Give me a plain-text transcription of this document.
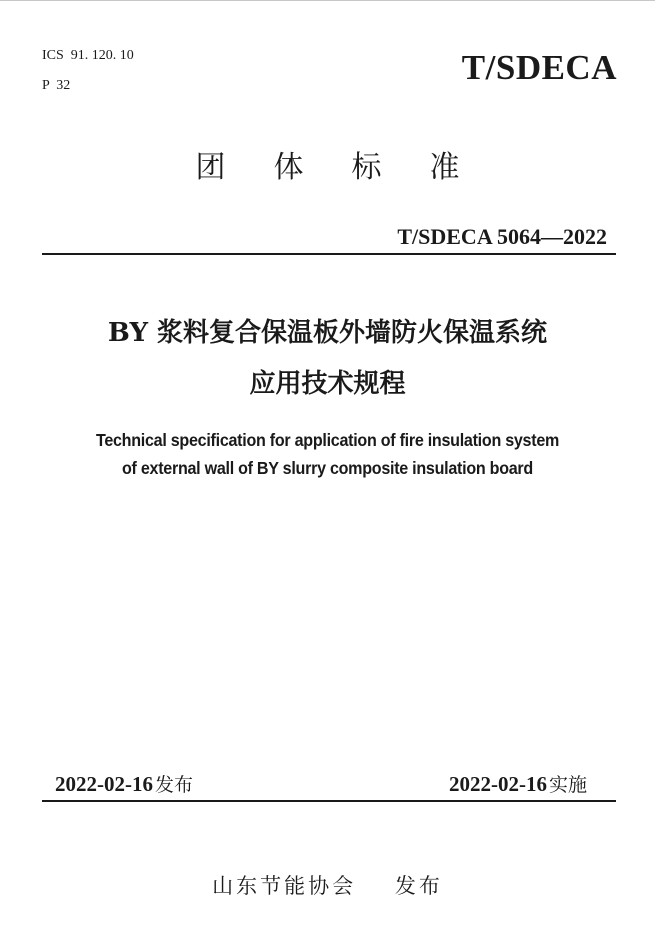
ICS  91. 120. 10
P  32	T/SDECA
团体标准
T/SDECA 5064—2022
BY 浆料复合保温板外墙防火保温系统
应用技术规程
Technical specification for application of fire insulation system
of external wall of BY slurry composite insulation board
2022-02-16 发布	2022-02-16 实施
山东节能协会    发布
